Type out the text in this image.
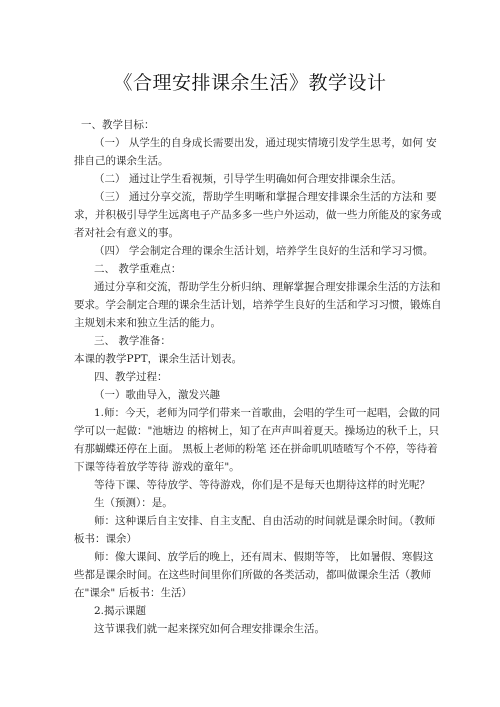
《合理安排课余生活》教学设计
一、教学目标：
（一） 从学生的自身成长需要出发，通过现实情境引发学生思考，如何 安
排自己的课余生活。
（二） 通过让学生看视频，引导学生明确如何合理安排课余生活。
（三） 通过分享交流，帮助学生明晰和掌握合理安排课余生活的方法和 要
求，并积极引导学生远离电子产品多多一些户外运动，做一些力所能及的家务或
者对社会有意义的事。
（四） 学会制定合理的课余生活计划，培养学生良好的生活和学习习惯。
二、 教学重难点：
通过分享和交流，帮助学生分析归纳、理解掌握合理安排课余生活的方法和
要求。学会制定合理的课余生活计划，培养学生良好的生活和学习习惯，锻炼自
主规划未来和独立生活的能力。
三、 教学准备：
本课的教学PPT，课余生活计划表。
四、教学过程：
（一）歌曲导入，激发兴趣
1.师：今天，老师为同学们带来一首歌曲，会唱的学生可一起唱，会做的同
学可以一起做："池塘边 的榕树上，知了在声声叫着夏天。操场边的秋千上，只
有那蝴蝶还停在上面。 黑板上老师的粉笔 还在拼命叽叽喳喳写个不停，等待着
下课等待着放学等待 游戏的童年"。
等待下课、等待放学、等待游戏，你们是不是每天也期待这样的时光呢？
生（预测）：是。
师：这种课后自主安排、自主支配、自由活动的时间就是课余时间。（教师
板书：课余）
师：像大课间、放学后的晚上，还有周末、假期等等， 比如暑假、寒假这
些都是课余时间。在这些时间里你们所做的各类活动，都叫做课余生活（教师
在"课余" 后板书：生活）
2.揭示课题
这节课我们就一起来探究如何合理安排课余生活。
